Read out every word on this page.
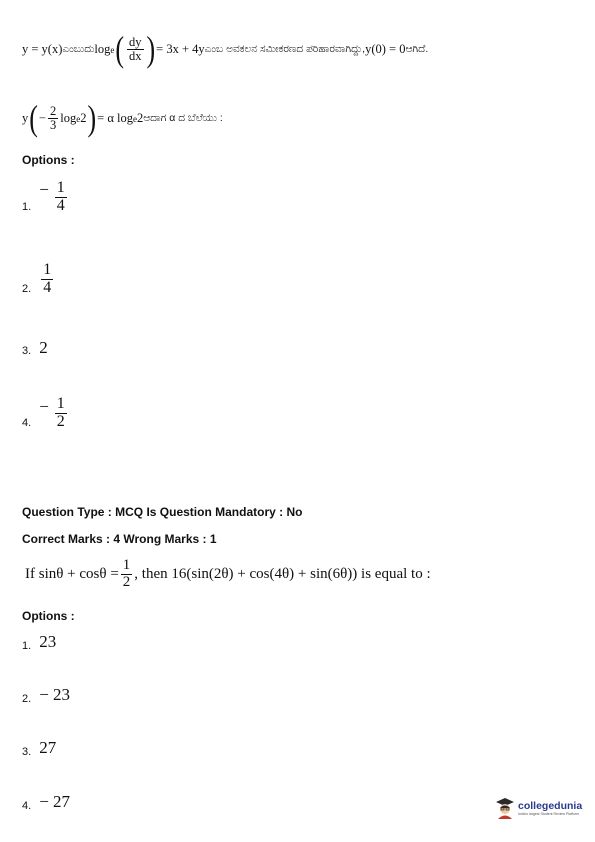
y = y(x) ಎಂಬುದು log e ( $\frac{dy}{dx}$ ) = 3x + 4y ಎಂಬ ಅವಕಲನ ಸಮೀಕರಣದ ಪರಿಹಾರವಾಗಿದ್ದು, y(0) = 0 ಆಗಿದೆ.
y ( − $\frac{2}{3}$ log e 2 ) = α log e 2 ಆದಾಗ α ದ ಬೆಲೆಯು :
Options :
1.
− $\frac{1}{4}$
2. $\frac{1}{4}$
3. 2
4.
− $\frac{1}{2}$
Question Type : MCQ Is Question Mandatory : No
Correct Marks : 4 Wrong Marks : 1
If $\sin\theta + \cos\theta = \frac{1}{2}$ , then 16(sin(2θ) + cos(4θ) + sin(6θ)) is equal to :
Options :
1. 23
2. − 23
3. 27
4. − 27	collegedunia
India's largest Student Review Platform
